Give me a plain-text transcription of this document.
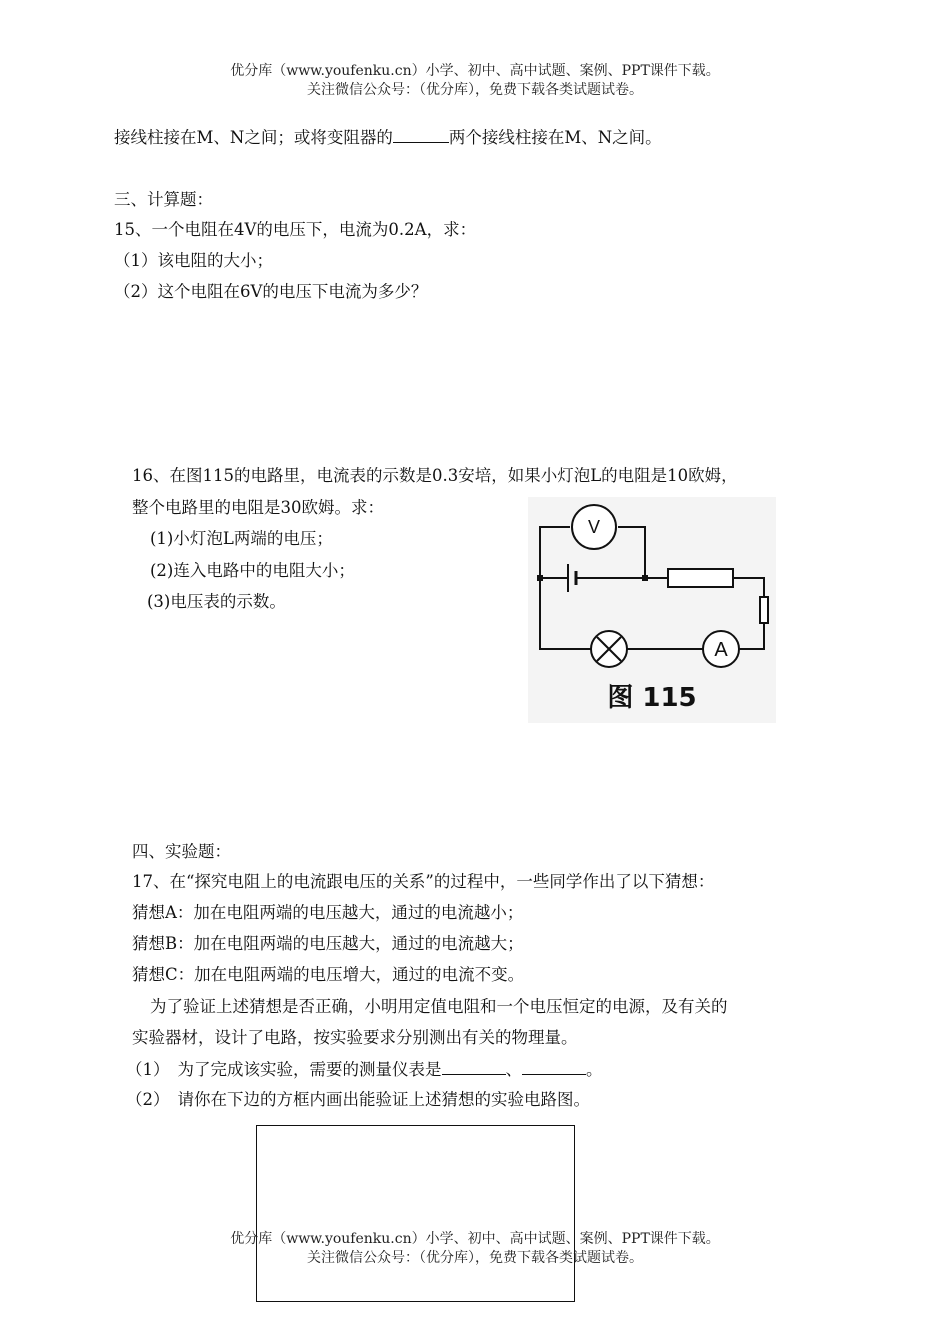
优分库（www.youfenku.cn）小学、初中、高中试题、案例、PPT课件下载。
关注微信公众号：（优分库），免费下载各类试题试卷。
接线柱接在M、N之间；或将变阻器的	两个接线柱接在M、N之间。
三、计算题：
15、一个电阻在4V的电压下，电流为0.2A，求：
（1）该电阻的大小；
（2）这个电阻在6V的电压下电流为多少？
16、在图115的电路里，电流表的示数是0.3安培，如果小灯泡L的电阻是10欧姆，
整个电路里的电阻是30欧姆。求：
(1)小灯泡L两端的电压；
(2)连入电路中的电阻大小；
(3)电压表的示数。
V
A
图 115
四、实验题：
17、在“探究电阻上的电流跟电压的关系”的过程中，一些同学作出了以下猜想：
猜想A：加在电阻两端的电压越大，通过的电流越小；
猜想B：加在电阻两端的电压越大，通过的电流越大；
猜想C：加在电阻两端的电压增大，通过的电流不变。
为了验证上述猜想是否正确，小明用定值电阻和一个电压恒定的电源，及有关的
实验器材，设计了电路，按实验要求分别测出有关的物理量。
（1） 为了完成该实验，需要的测量仪表是	、	。
（2） 请你在下边的方框内画出能验证上述猜想的实验电路图。
优分库（www.youfenku.cn）小学、初中、高中试题、案例、PPT课件下载。
关注微信公众号：（优分库），免费下载各类试题试卷。
